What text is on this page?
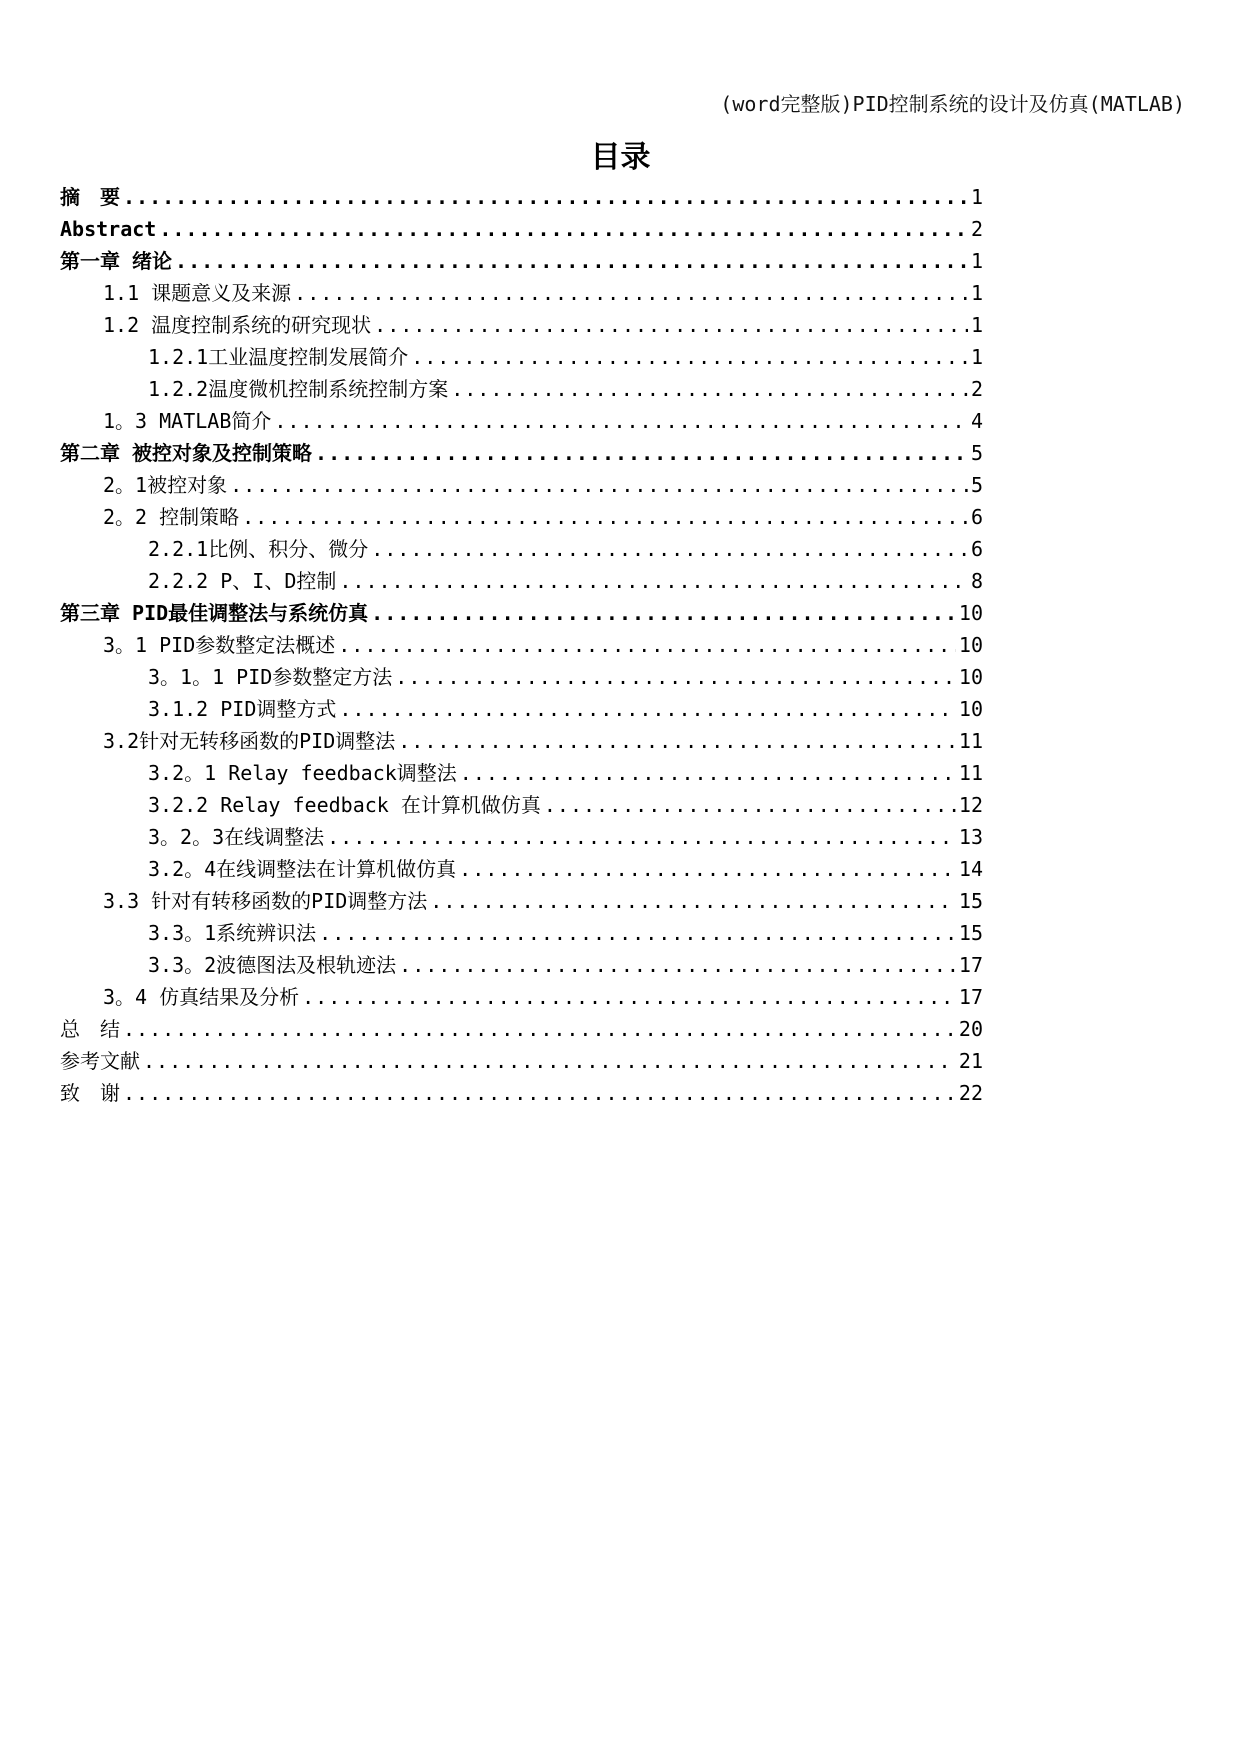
(word完整版)PID控制系统的设计及仿真(MATLAB)
目录
摘　要 .....	1
Abstract .....	2
第一章 绪论 .....	1
1.1 课题意义及来源 .....	1
1.2 温度控制系统的研究现状 .....	1
1.2.1工业温度控制发展简介 .....	1
1.2.2温度微机控制系统控制方案 .....	2
1。3 MATLAB简介 .....	4
第二章 被控对象及控制策略 .....	5
2。1被控对象 .....	5
2。2 控制策略 .....	6
2.2.1比例、积分、微分 .....	6
2.2.2 P、I、D控制 .....	8
第三章 PID最佳调整法与系统仿真 .....	10
3。1 PID参数整定法概述 .....	10
3。1。1 PID参数整定方法 .....	10
3.1.2 PID调整方式 .....	10
3.2针对无转移函数的PID调整法 .....	11
3.2。1 Relay feedback调整法 .....	11
3.2.2 Relay feedback 在计算机做仿真 .....	12
3。2。3在线调整法 .....	13
3.2。4在线调整法在计算机做仿真 .....	14
3.3 针对有转移函数的PID调整方法 .....	15
3.3。1系统辨识法 .....	15
3.3。2波德图法及根轨迹法 .....	17
3。4 仿真结果及分析 .....	17
总　结 .....	20
参考文献 .....	21
致　谢 .....	22
